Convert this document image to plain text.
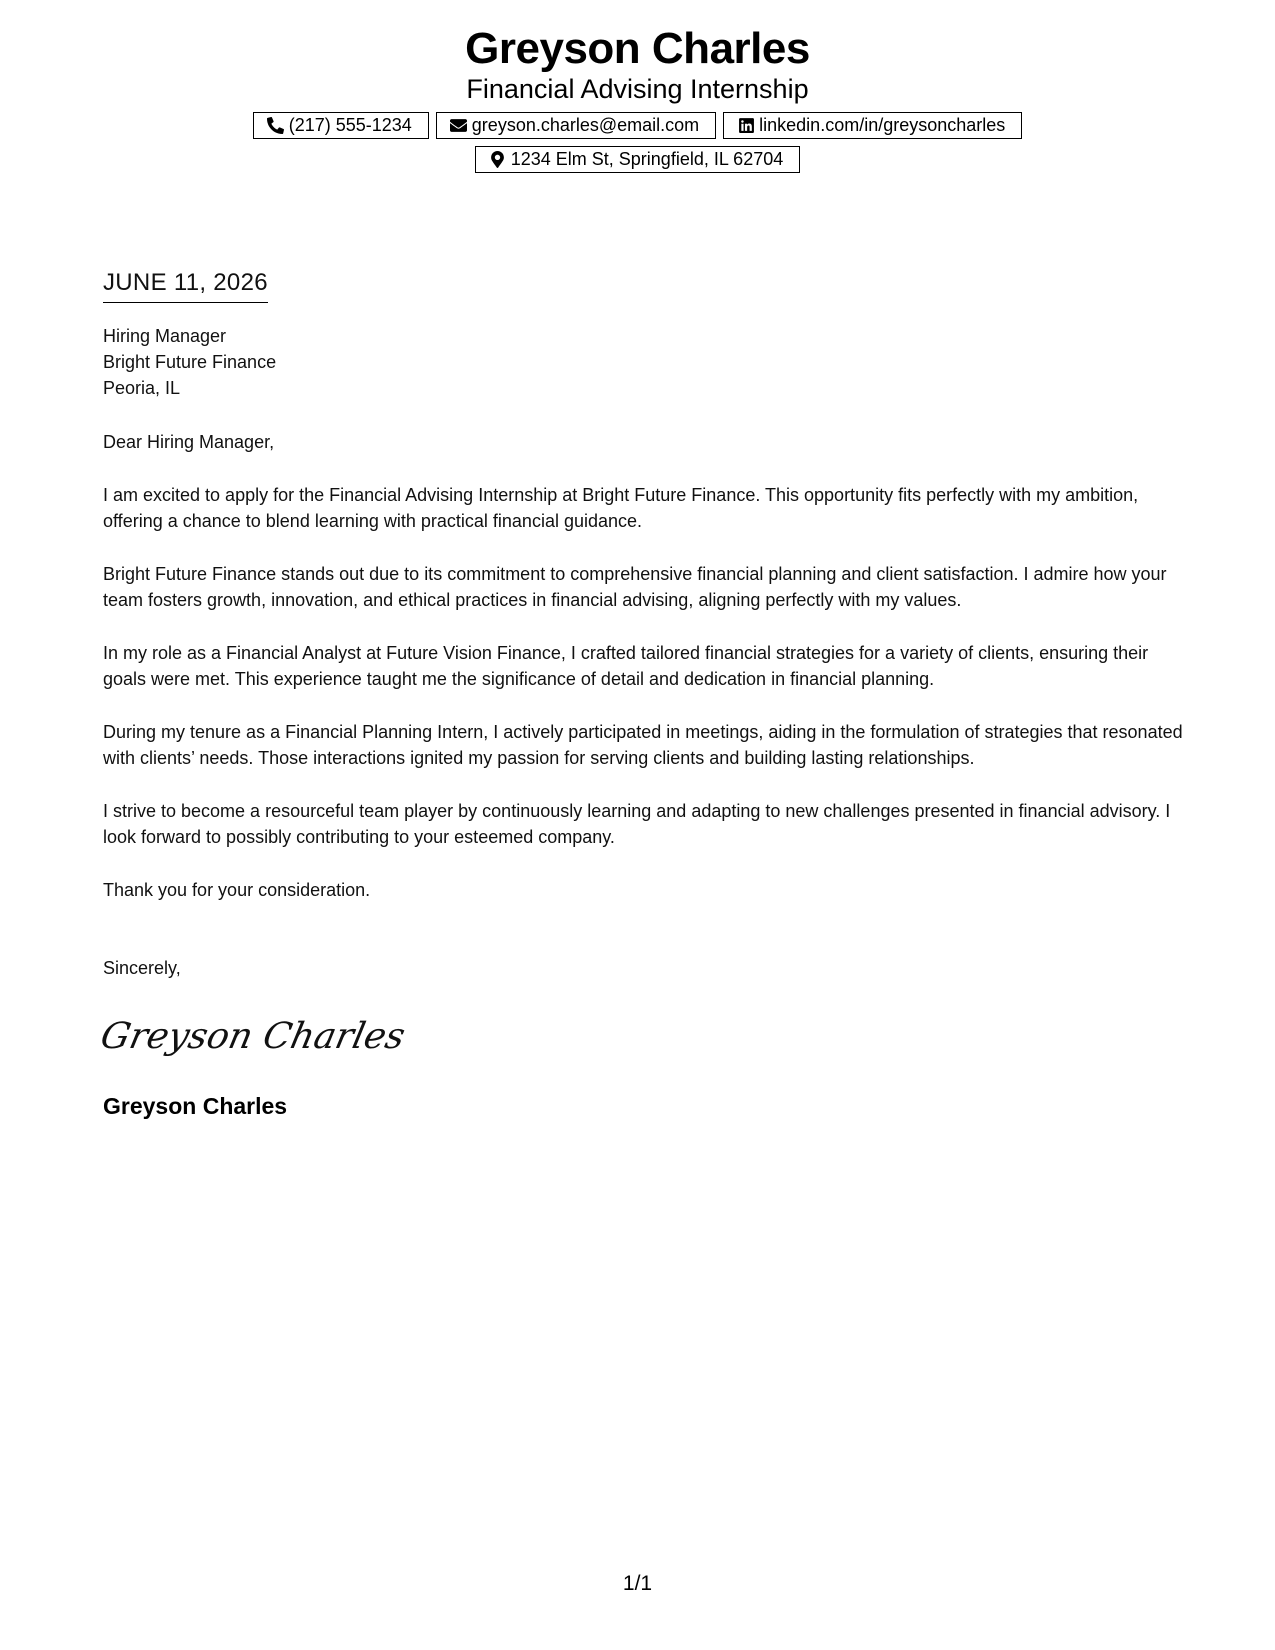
Greyson Charles
Financial Advising Internship
(217) 555-1234	greyson.charles@email.com	linkedin.com/in/greysoncharles
1234 Elm St, Springfield, IL 62704
JUNE 11, 2026
Hiring Manager
Bright Future Finance
Peoria, IL
Dear Hiring Manager,
I am excited to apply for the Financial Advising Internship at Bright Future Finance. This opportunity fits perfectly with my ambition, offering a chance to blend learning with practical financial guidance.
Bright Future Finance stands out due to its commitment to comprehensive financial planning and client satisfaction. I admire how your team fosters growth, innovation, and ethical practices in financial advising, aligning perfectly with my values.
In my role as a Financial Analyst at Future Vision Finance, I crafted tailored financial strategies for a variety of clients, ensuring their goals were met. This experience taught me the significance of detail and dedication in financial planning.
During my tenure as a Financial Planning Intern, I actively participated in meetings, aiding in the formulation of strategies that resonated with clients’ needs. Those interactions ignited my passion for serving clients and building lasting relationships.
I strive to become a resourceful team player by continuously learning and adapting to new challenges presented in financial advisory. I look forward to possibly contributing to your esteemed company.
Thank you for your consideration.
Sincerely,
Greyson Charles
Greyson Charles
1/1
